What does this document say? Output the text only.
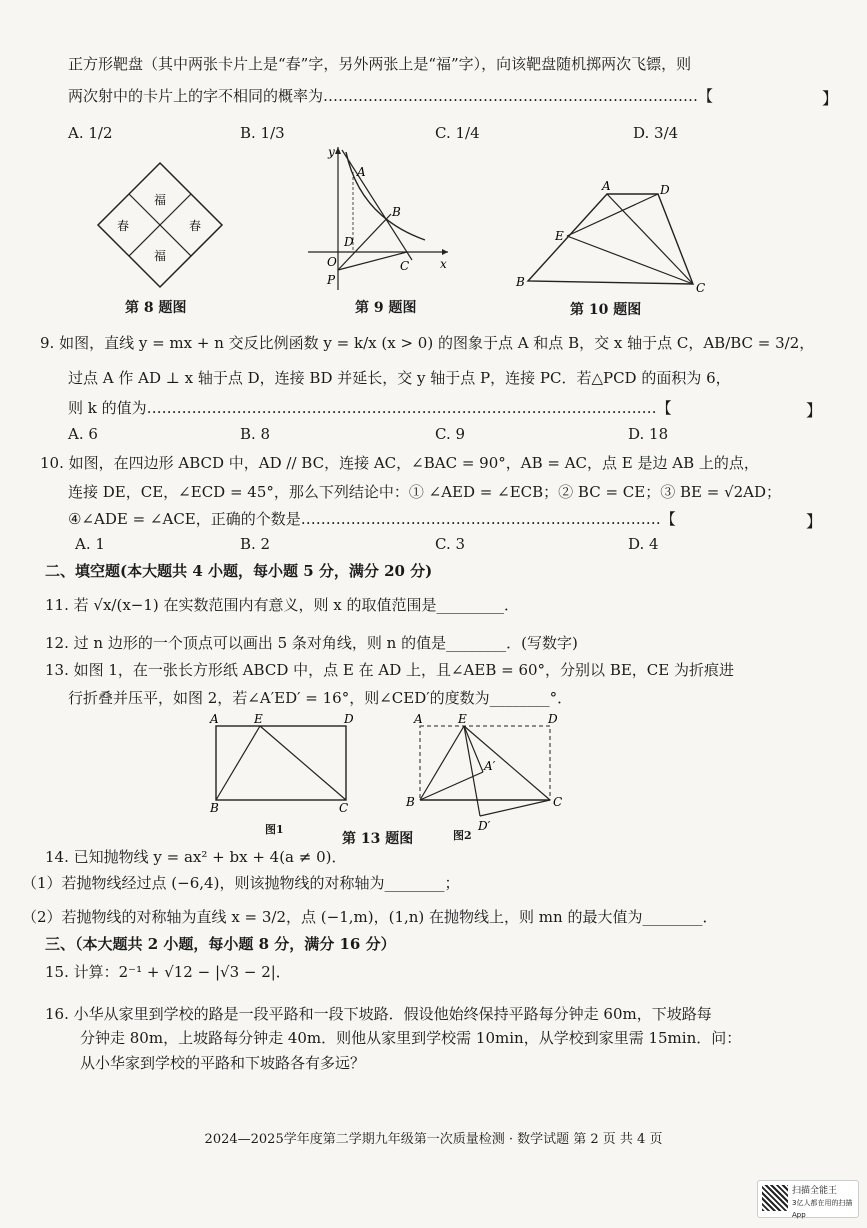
正方形靶盘（其中两张卡片上是“春”字，另外两张上是“福”字），向该靶盘随机掷两次飞镖，则
两次射中的卡片上的字不相同的概率为…………………………………………………………………【	】
A. 1/2	B. 1/3	C. 1/4	D. 3/4
福
春	春
福
第 8 题图
y
x
O
A
B
C
D
P
第 9 题图
A	D
E
B	C
第 10 题图
9. 如图，直线 y = mx + n 交反比例函数 y = k/x (x > 0) 的图象于点 A 和点 B，交 x 轴于点 C，AB/BC = 3/2，
过点 A 作 AD ⊥ x 轴于点 D，连接 BD 并延长，交 y 轴于点 P，连接 PC．若△PCD 的面积为 6，
则 k 的值为…………………………………………………………………………………………【	】
A. 6	B. 8	C. 9	D. 18
10. 如图，在四边形 ABCD 中，AD // BC，连接 AC，∠BAC = 90°，AB = AC，点 E 是边 AB 上的点，
连接 DE，CE，∠ECD = 45°，那么下列结论中：① ∠AED = ∠ECB；② BC = CE；③ BE = √2AD；
④∠ADE = ∠ACE，正确的个数是………………………………………………………………【	】
A. 1	B. 2	C. 3	D. 4
二、填空题(本大题共 4 小题，每小题 5 分，满分 20 分)
11. 若 √x/(x−1) 在实数范围内有意义，则 x 的取值范围是_________．
12. 过 n 边形的一个顶点可以画出 5 条对角线，则 n 的值是________．(写数字)
13. 如图 1，在一张长方形纸 ABCD 中，点 E 在 AD 上，且∠AEB = 60°，分别以 BE，CE 为折痕进
行折叠并压平，如图 2，若∠A′ED′ = 16°，则∠CED′的度数为________°．
A	E	D
B	C
A	E	D
A′
B	C
D′
图1
第 13 题图	图2
14. 已知抛物线 y = ax² + bx + 4(a ≠ 0)．
（1）若抛物线经过点 (−6,4)，则该抛物线的对称轴为________；
（2）若抛物线的对称轴为直线 x = 3/2，点 (−1,m)，(1,n) 在抛物线上，则 mn 的最大值为________．
三、（本大题共 2 小题，每小题 8 分，满分 16 分）
15. 计算：2⁻¹ + √12 − |√3 − 2|．
16. 小华从家里到学校的路是一段平路和一段下坡路．假设他始终保持平路每分钟走 60m，下坡路每
分钟走 80m，上坡路每分钟走 40m．则他从家里到学校需 10min，从学校到家里需 15min．问：
从小华家到学校的平路和下坡路各有多远？
2024—2025学年度第二学期九年级第一次质量检测 · 数学试题 第 2 页 共 4 页
扫描全能王
3亿人都在用的扫描App
